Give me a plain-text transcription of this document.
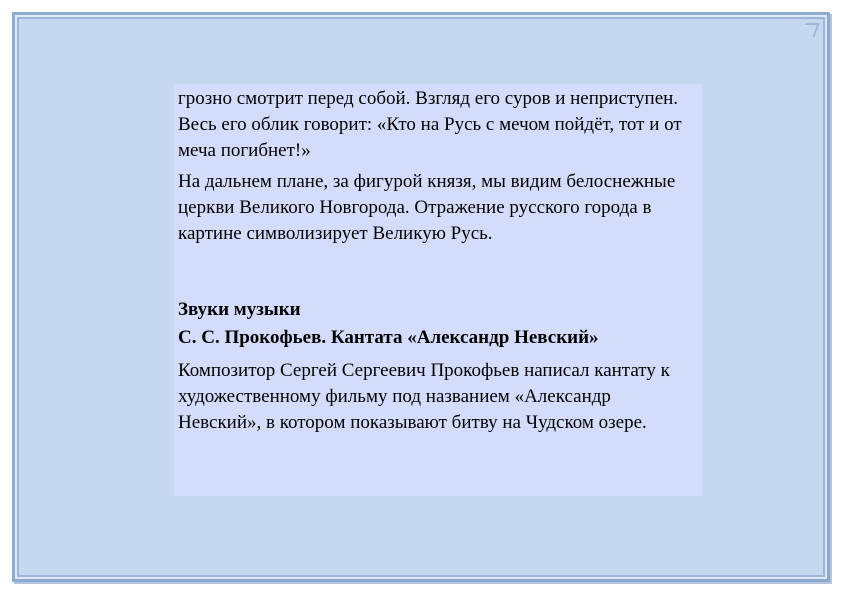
грозно смотрит перед собой. Взгляд его суров и неприступен. Весь его облик говорит: «Кто на Русь с мечом пойдёт, тот и от меча погибнет!»

На дальнем плане, за фигурой князя, мы видим белоснежные церкви Великого Новгорода. Отражение русского города в картине символизирует Великую Русь.

Звуки музыки

С. С. Прокофьев. Кантата «Александр Невский»

Композитор Сергей Сергеевич Прокофьев написал кантату к художественному фильму под названием «Александр Невский», в котором показывают битву на Чудском озере.
